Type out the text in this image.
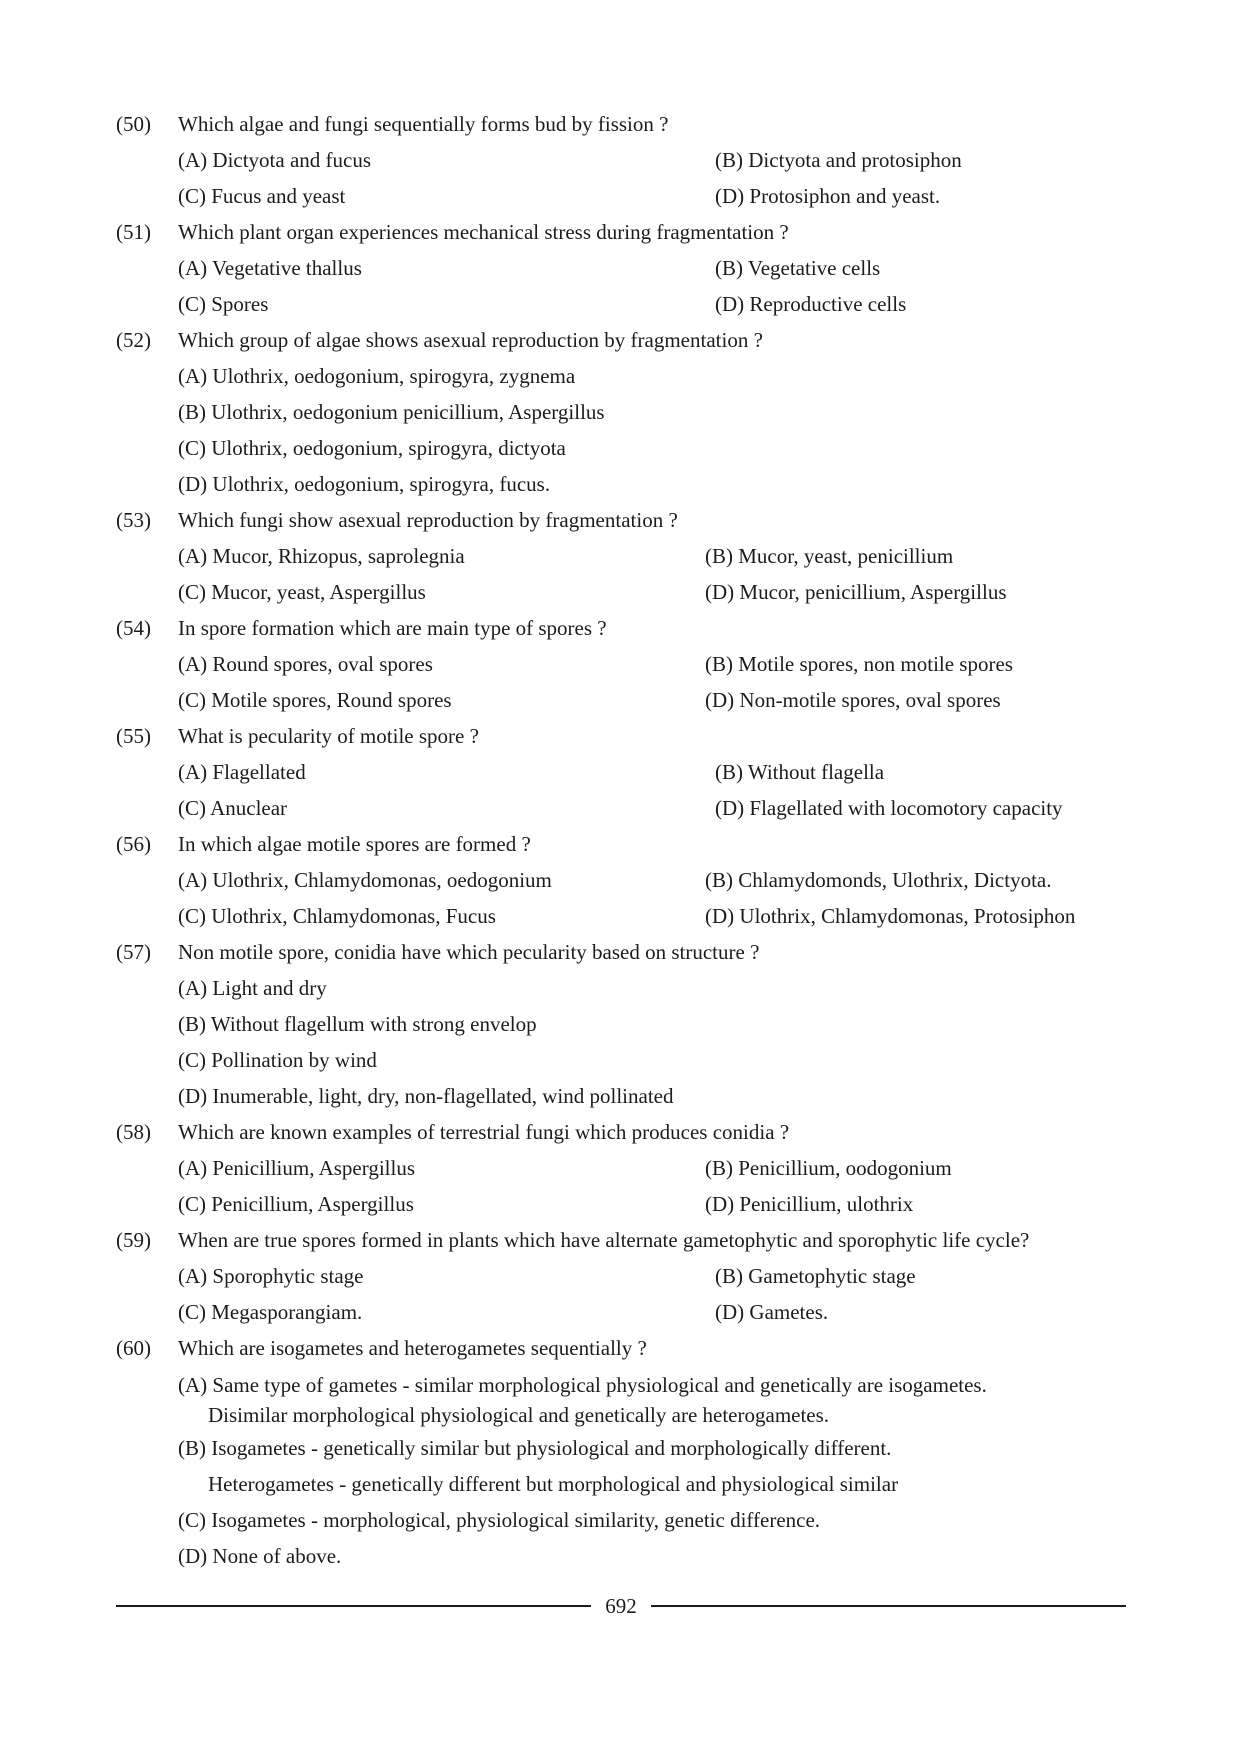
(50)	Which algae and fungi sequentially forms bud by fission ?
(A) Dictyota and fucus	(B) Dictyota and protosiphon
(C) Fucus and yeast	(D) Protosiphon and yeast.
(51)	Which plant organ experiences mechanical stress during fragmentation ?
(A) Vegetative thallus	(B) Vegetative cells
(C) Spores	(D) Reproductive cells
(52)	Which group of algae shows asexual reproduction by fragmentation ?
(A) Ulothrix, oedogonium, spirogyra, zygnema
(B) Ulothrix, oedogonium penicillium, Aspergillus
(C) Ulothrix, oedogonium, spirogyra, dictyota
(D) Ulothrix, oedogonium, spirogyra, fucus.
(53)	Which fungi show asexual reproduction by fragmentation ?
(A) Mucor, Rhizopus, saprolegnia	(B) Mucor, yeast, penicillium
(C) Mucor, yeast, Aspergillus	(D) Mucor, penicillium, Aspergillus
(54)	In spore formation which are main type of spores ?
(A) Round spores, oval spores	(B) Motile spores, non motile spores
(C) Motile spores, Round spores	(D) Non-motile spores, oval spores
(55)	What is pecularity of motile spore ?
(A) Flagellated	(B) Without flagella
(C) Anuclear	(D) Flagellated with locomotory capacity
(56)	In which algae motile spores are formed ?
(A) Ulothrix, Chlamydomonas, oedogonium	(B) Chlamydomonds, Ulothrix, Dictyota.
(C) Ulothrix, Chlamydomonas, Fucus	(D) Ulothrix, Chlamydomonas, Protosiphon
(57)	Non motile spore, conidia have which pecularity based on structure ?
(A) Light and dry
(B) Without flagellum with strong envelop
(C) Pollination by wind
(D) Inumerable, light, dry, non-flagellated, wind pollinated
(58)	Which are known examples of terrestrial fungi which produces conidia ?
(A) Penicillium, Aspergillus	(B) Penicillium, oodogonium
(C) Penicillium, Aspergillus	(D) Penicillium, ulothrix
(59)	When are true spores formed in plants which have alternate gametophytic and sporophytic life cycle?
(A) Sporophytic stage	(B) Gametophytic stage
(C) Megasporangiam.	(D) Gametes.
(60)	Which are isogametes and heterogametes sequentially ?
(A) Same type of gametes - similar morphological physiological and genetically are isogametes.
Disimilar morphological physiological and genetically are heterogametes.
(B) Isogametes - genetically similar but physiological and morphologically different.
Heterogametes - genetically different but morphological and physiological similar
(C) Isogametes - morphological, physiological similarity, genetic difference.
(D) None of above.
692
